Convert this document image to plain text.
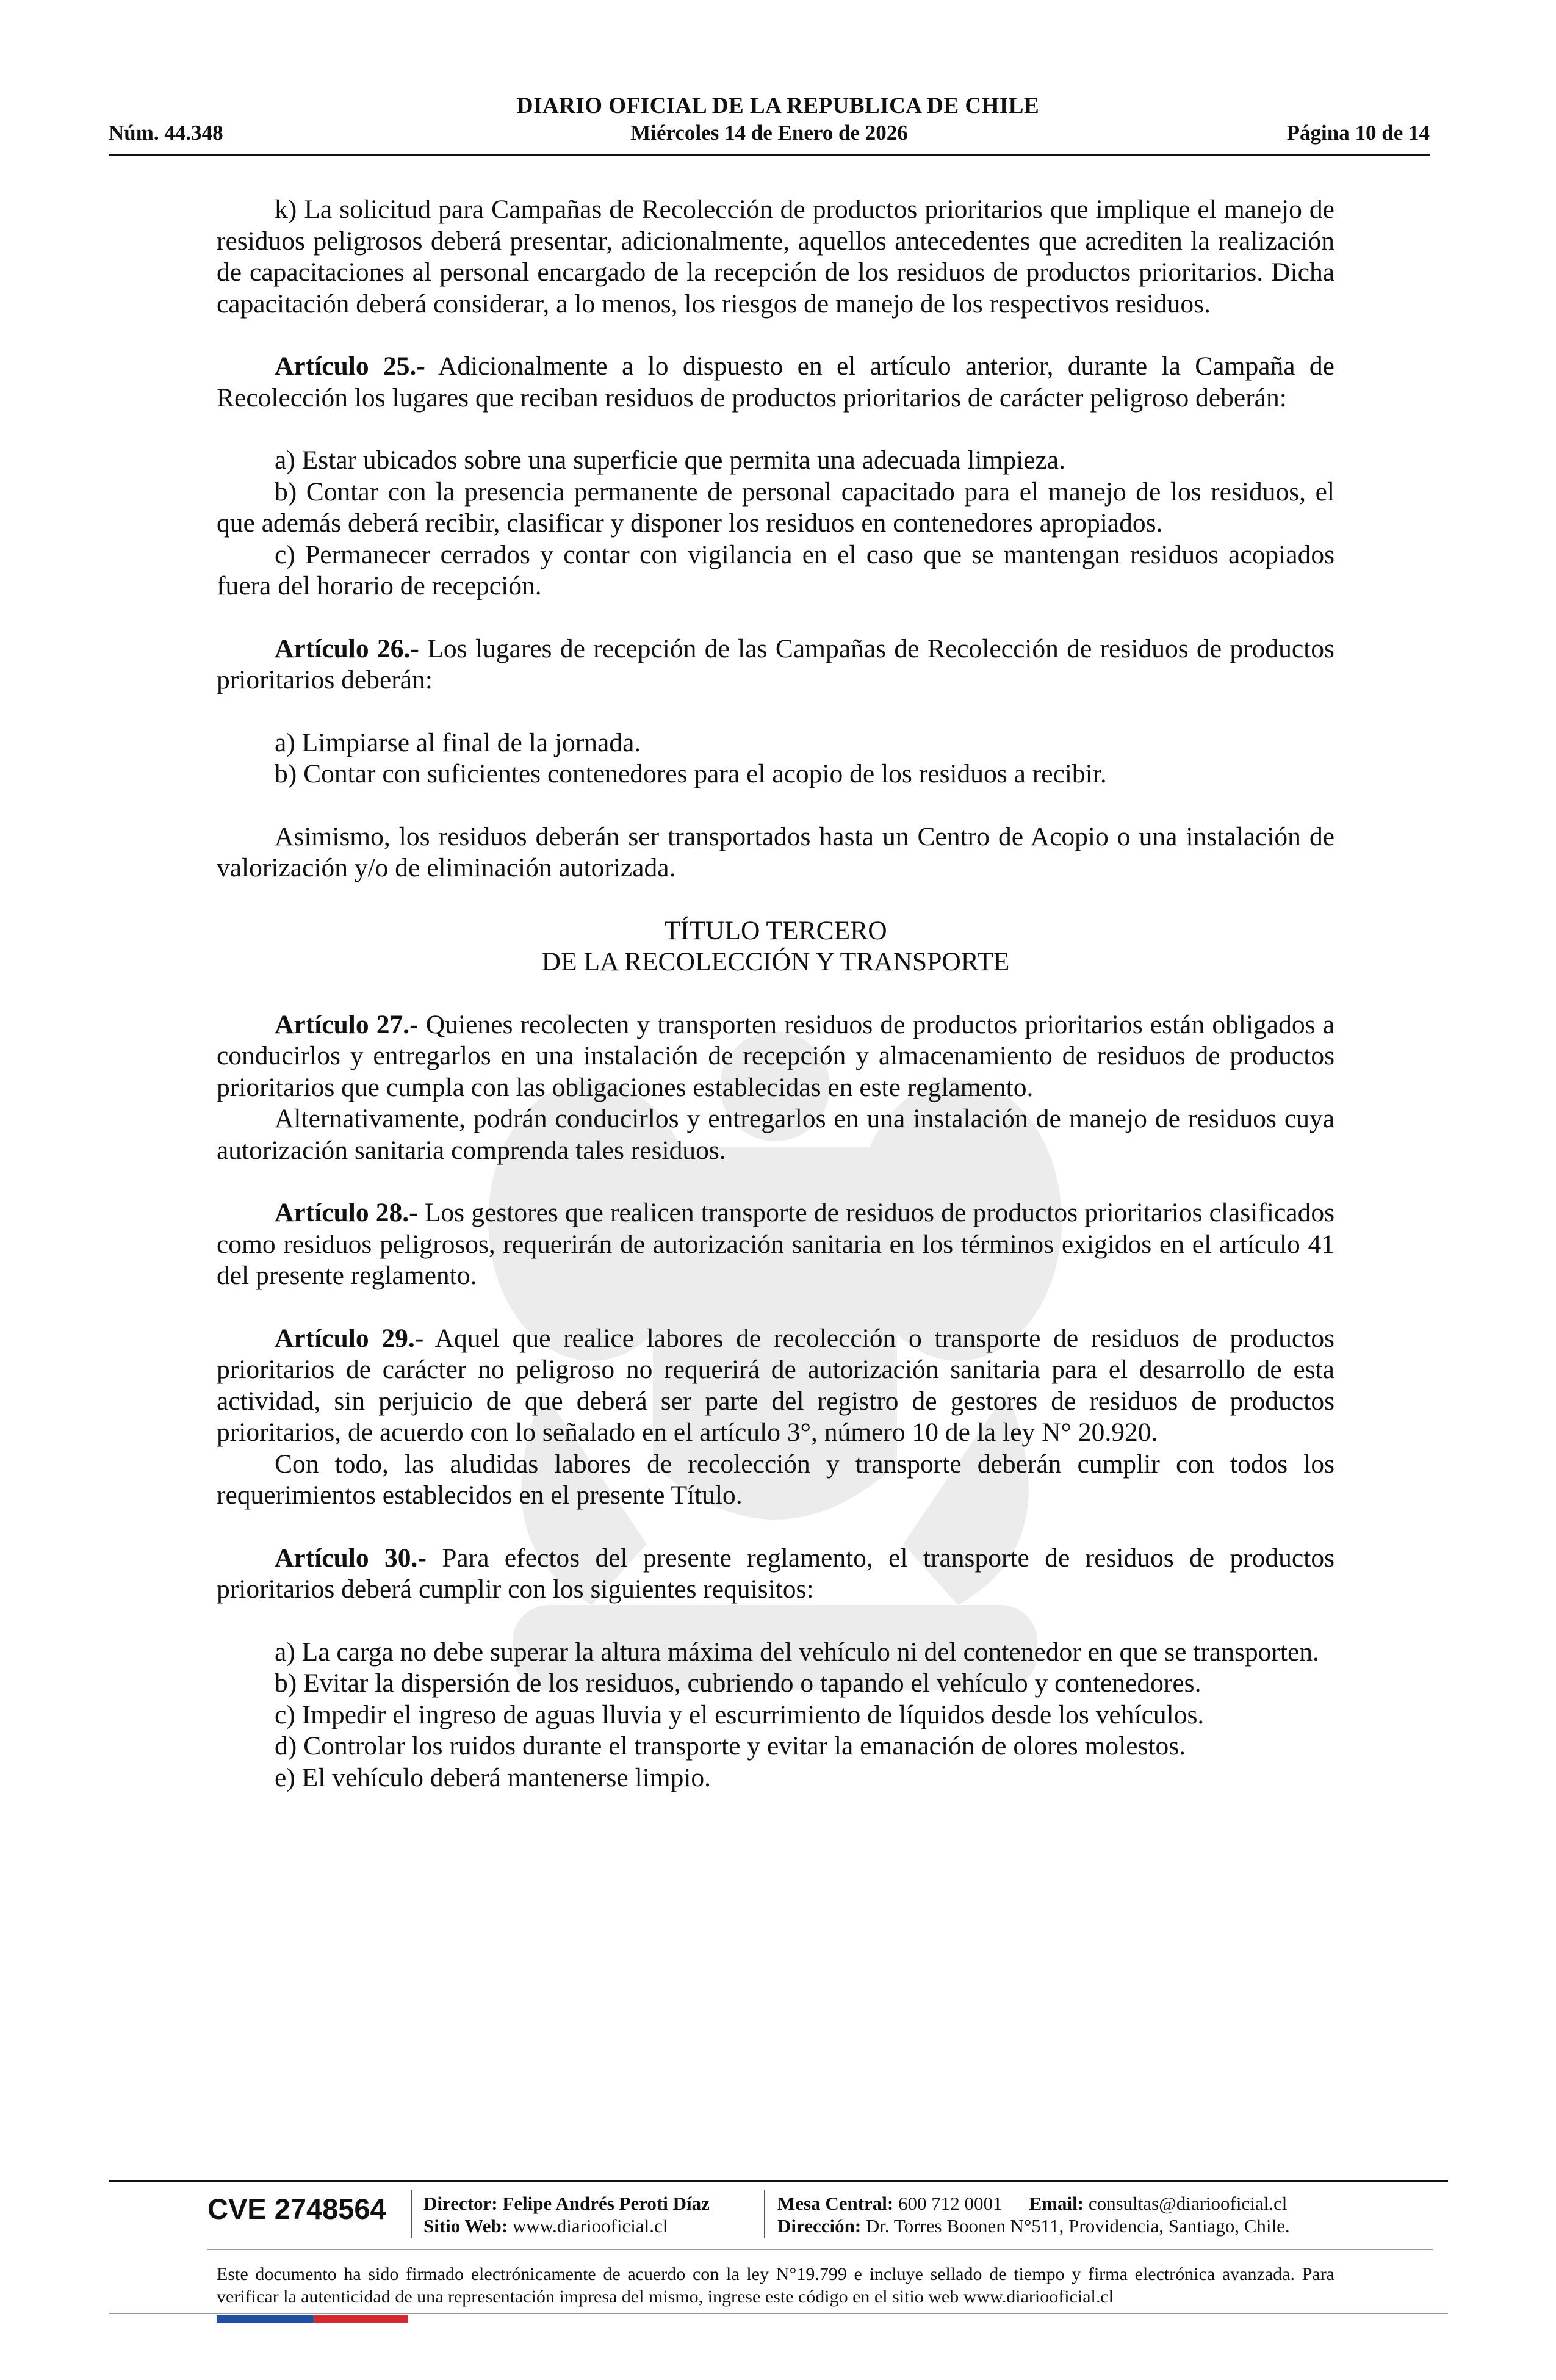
DIARIO OFICIAL DE LA REPUBLICA DE CHILE
Miércoles 14 de Enero de 2026
Núm. 44.348	Página 10 de 14

k) La solicitud para Campañas de Recolección de productos prioritarios que implique el manejo de residuos peligrosos deberá presentar, adicionalmente, aquellos antecedentes que acrediten la realización de capacitaciones al personal encargado de la recepción de los residuos de productos prioritarios. Dicha capacitación deberá considerar, a lo menos, los riesgos de manejo de los respectivos residuos.

Artículo 25.- Adicionalmente a lo dispuesto en el artículo anterior, durante la Campaña de Recolección los lugares que reciban residuos de productos prioritarios de carácter peligroso deberán:

a) Estar ubicados sobre una superficie que permita una adecuada limpieza.

b) Contar con la presencia permanente de personal capacitado para el manejo de los residuos, el que además deberá recibir, clasificar y disponer los residuos en contenedores apropiados.

c) Permanecer cerrados y contar con vigilancia en el caso que se mantengan residuos acopiados fuera del horario de recepción.

Artículo 26.- Los lugares de recepción de las Campañas de Recolección de residuos de productos prioritarios deberán:

a) Limpiarse al final de la jornada.

b) Contar con suficientes contenedores para el acopio de los residuos a recibir.

Asimismo, los residuos deberán ser transportados hasta un Centro de Acopio o una instalación de valorización y/o de eliminación autorizada.

TÍTULO TERCERO
DE LA RECOLECCIÓN Y TRANSPORTE

Artículo 27.- Quienes recolecten y transporten residuos de productos prioritarios están obligados a conducirlos y entregarlos en una instalación de recepción y almacenamiento de residuos de productos prioritarios que cumpla con las obligaciones establecidas en este reglamento.

Alternativamente, podrán conducirlos y entregarlos en una instalación de manejo de residuos cuya autorización sanitaria comprenda tales residuos.

Artículo 28.- Los gestores que realicen transporte de residuos de productos prioritarios clasificados como residuos peligrosos, requerirán de autorización sanitaria en los términos exigidos en el artículo 41 del presente reglamento.

Artículo 29.- Aquel que realice labores de recolección o transporte de residuos de productos prioritarios de carácter no peligroso no requerirá de autorización sanitaria para el desarrollo de esta actividad, sin perjuicio de que deberá ser parte del registro de gestores de residuos de productos prioritarios, de acuerdo con lo señalado en el artículo 3°, número 10 de la ley N° 20.920.

Con todo, las aludidas labores de recolección y transporte deberán cumplir con todos los requerimientos establecidos en el presente Título.

Artículo 30.- Para efectos del presente reglamento, el transporte de residuos de productos prioritarios deberá cumplir con los siguientes requisitos:

a) La carga no debe superar la altura máxima del vehículo ni del contenedor en que se transporten.

b) Evitar la dispersión de los residuos, cubriendo o tapando el vehículo y contenedores.

c) Impedir el ingreso de aguas lluvia y el escurrimiento de líquidos desde los vehículos.

d) Controlar los ruidos durante el transporte y evitar la emanación de olores molestos.

e) El vehículo deberá mantenerse limpio.

CVE 2748564 Director: Felipe Andrés Peroti Díaz
Sitio Web: www.diariooficial.cl
Mesa Central: 600 712 0001 Email: consultas@diariooficial.cl
Dirección: Dr. Torres Boonen N°511, Providencia, Santiago, Chile.
Este documento ha sido firmado electrónicamente de acuerdo con la ley N°19.799 e incluye sellado de tiempo y firma electrónica avanzada. Para verificar la autenticidad de una representación impresa del mismo, ingrese este código en el sitio web www.diariooficial.cl
